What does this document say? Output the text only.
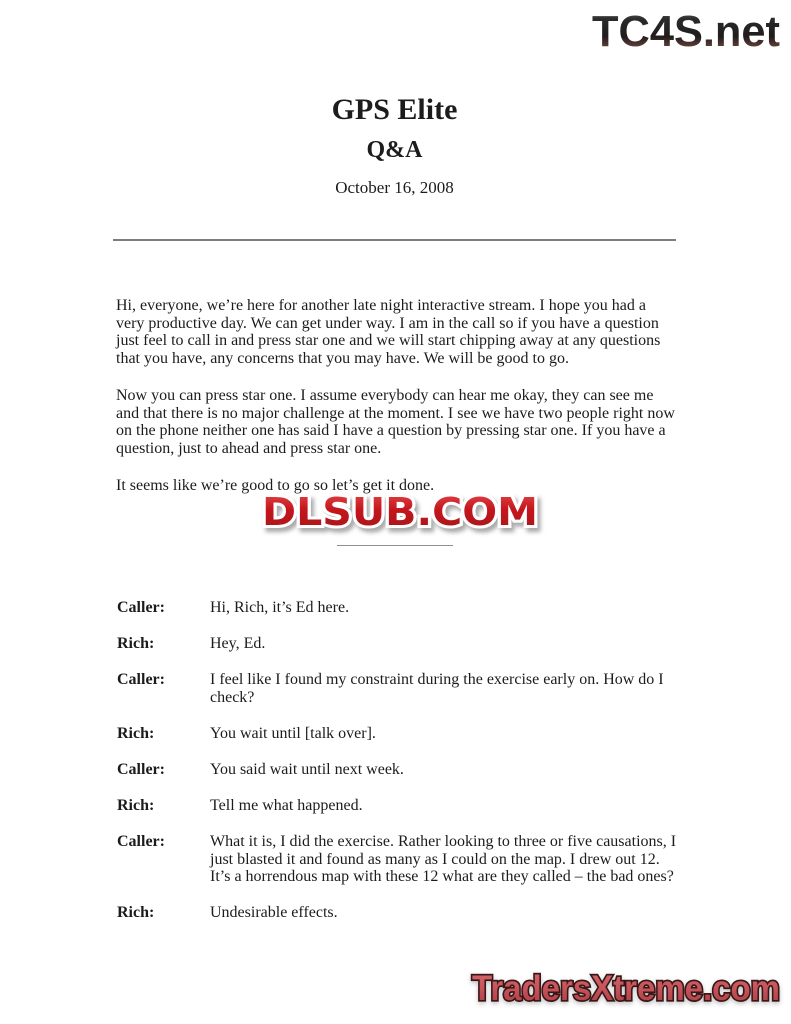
TC4S.net
GPS Elite
Q&A

October 16, 2008

Hi, everyone, we’re here for another late night interactive stream. I hope you had a very productive day. We can get under way. I am in the call so if you have a question just feel to call in and press star one and we will start chipping away at any questions that you have, any concerns that you may have. We will be good to go.

Now you can press star one. I assume everybody can hear me okay, they can see me and that there is no major challenge at the moment. I see we have two people right now on the phone neither one has said I have a question by pressing star one. If you have a question, just to ahead and press star one.

It seems like we’re good to go so let’s get it done.

DLSUB.COM
Caller:	Hi, Rich, it’s Ed here.
Rich:	Hey, Ed.
Caller:	I feel like I found my constraint during the exercise early on. How do I check?
Rich:	You wait until [talk over].
Caller:	You said wait until next week.
Rich:	Tell me what happened.
Caller:	What it is, I did the exercise. Rather looking to three or five causations, I just blasted it and found as many as I could on the map. I drew out 12. It’s a horrendous map with these 12 what are they called – the bad ones?
Rich:	Undesirable effects.
TradersXtreme.com
